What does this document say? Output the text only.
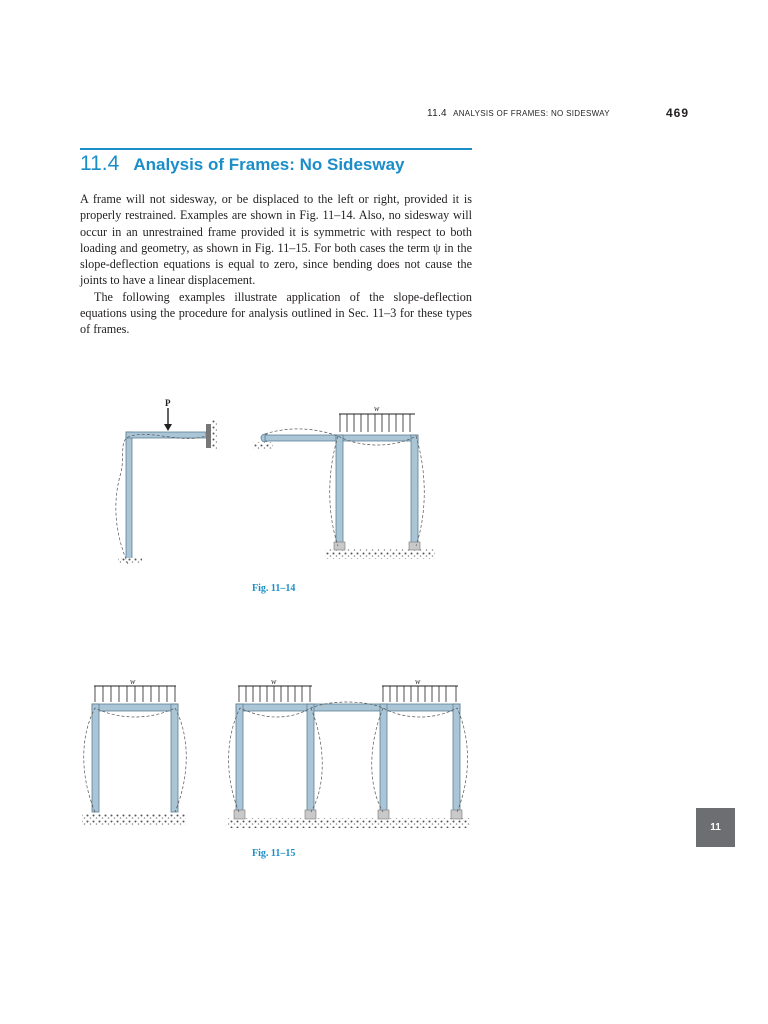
11.4 ANALYSIS OF FRAMES: NO SIDESWAY	469
11.4 Analysis of Frames: No Sidesway

A frame will not sidesway, or be displaced to the left or right, provided it is properly restrained. Examples are shown in Fig. 11–14. Also, no sidesway will occur in an unrestrained frame provided it is symmetric with respect to both loading and geometry, as shown in Fig. 11–15. For both cases the term ψ in the slope-deflection equations is equal to zero, since bending does not cause the joints to have a linear displacement.

The following examples illustrate application of the slope-deflection equations using the procedure for analysis outlined in Sec. 11–3 for these types of frames.

P
w
Fig. 11–14
w	w	w
Fig. 11–15
11
